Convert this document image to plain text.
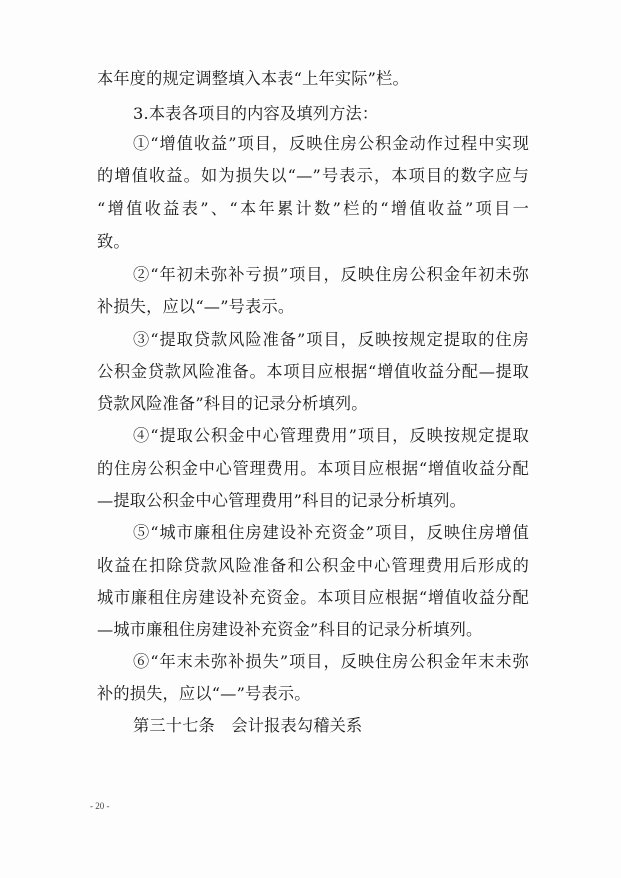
本年度的规定调整填入本表“上年实际”栏。
3.本表各项目的内容及填列方法：
①“增值收益”项目，反映住房公积金动作过程中实现
的增值收益。如为损失以“—”号表示，本项目的数字应与
“增值收益表”、“本年累计数”栏的“增值收益”项目一
致。
②“年初未弥补亏损”项目，反映住房公积金年初未弥
补损失，应以“—”号表示。
③“提取贷款风险准备”项目，反映按规定提取的住房
公积金贷款风险准备。本项目应根据“增值收益分配—提取
贷款风险准备”科目的记录分析填列。
④“提取公积金中心管理费用”项目，反映按规定提取
的住房公积金中心管理费用。本项目应根据“增值收益分配
—提取公积金中心管理费用”科目的记录分析填列。
⑤“城市廉租住房建设补充资金”项目，反映住房增值
收益在扣除贷款风险准备和公积金中心管理费用后形成的
城市廉租住房建设补充资金。本项目应根据“增值收益分配
—城市廉租住房建设补充资金”科目的记录分析填列。
⑥“年末未弥补损失”项目，反映住房公积金年末未弥
补的损失，应以“—”号表示。
第三十七条　会计报表勾稽关系
- 20 -
